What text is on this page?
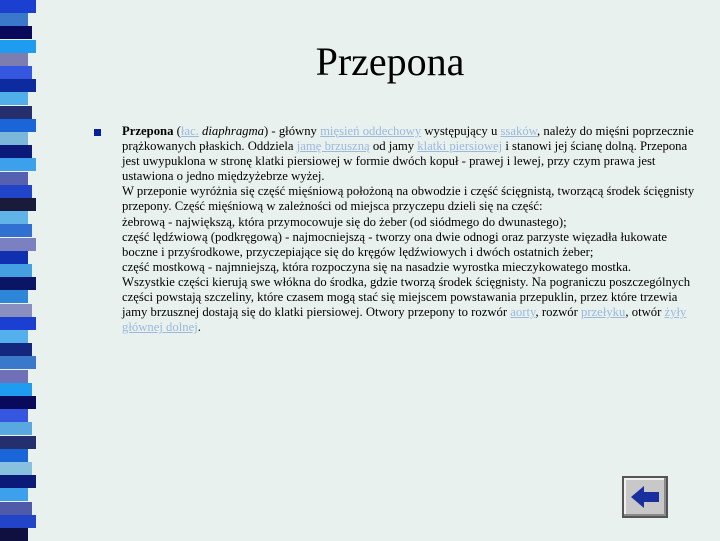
Przepona

Przepona (łac. diaphragma) - główny mięsień oddechowy występujący u ssaków, należy do mięśni poprzecznie prążkowanych płaskich. Oddziela jamę brzuszną od jamy klatki piersiowej i stanowi jej ścianę dolną. Przepona jest uwypuklona w stronę klatki piersiowej w formie dwóch kopuł - prawej i lewej, przy czym prawa jest ustawiona o jedno międzyżebrze wyżej.

W przeponie wyróżnia się część mięśniową położoną na obwodzie i część ścięgnistą, tworzącą środek ścięgnisty przepony. Część mięśniową w zależności od miejsca przyczepu dzieli się na część:

żebrową - największą, która przymocowuje się do żeber (od siódmego do dwunastego);

część lędźwiową (podkręgową) - najmocniejszą - tworzy ona dwie odnogi oraz parzyste więzadła łukowate boczne i przyśrodkowe, przyczepiające się do kręgów lędźwiowych i dwóch ostatnich żeber;

część mostkową - najmniejszą, która rozpoczyna się na nasadzie wyrostka mieczykowatego mostka.

Wszystkie części kierują swe włókna do środka, gdzie tworzą środek ścięgnisty. Na pograniczu poszczególnych części powstają szczeliny, które czasem mogą stać się miejscem powstawania przepuklin, przez które trzewia jamy brzusznej dostają się do klatki piersiowej. Otwory przepony to rozwór aorty, rozwór przełyku, otwór żyły głównej dolnej.
